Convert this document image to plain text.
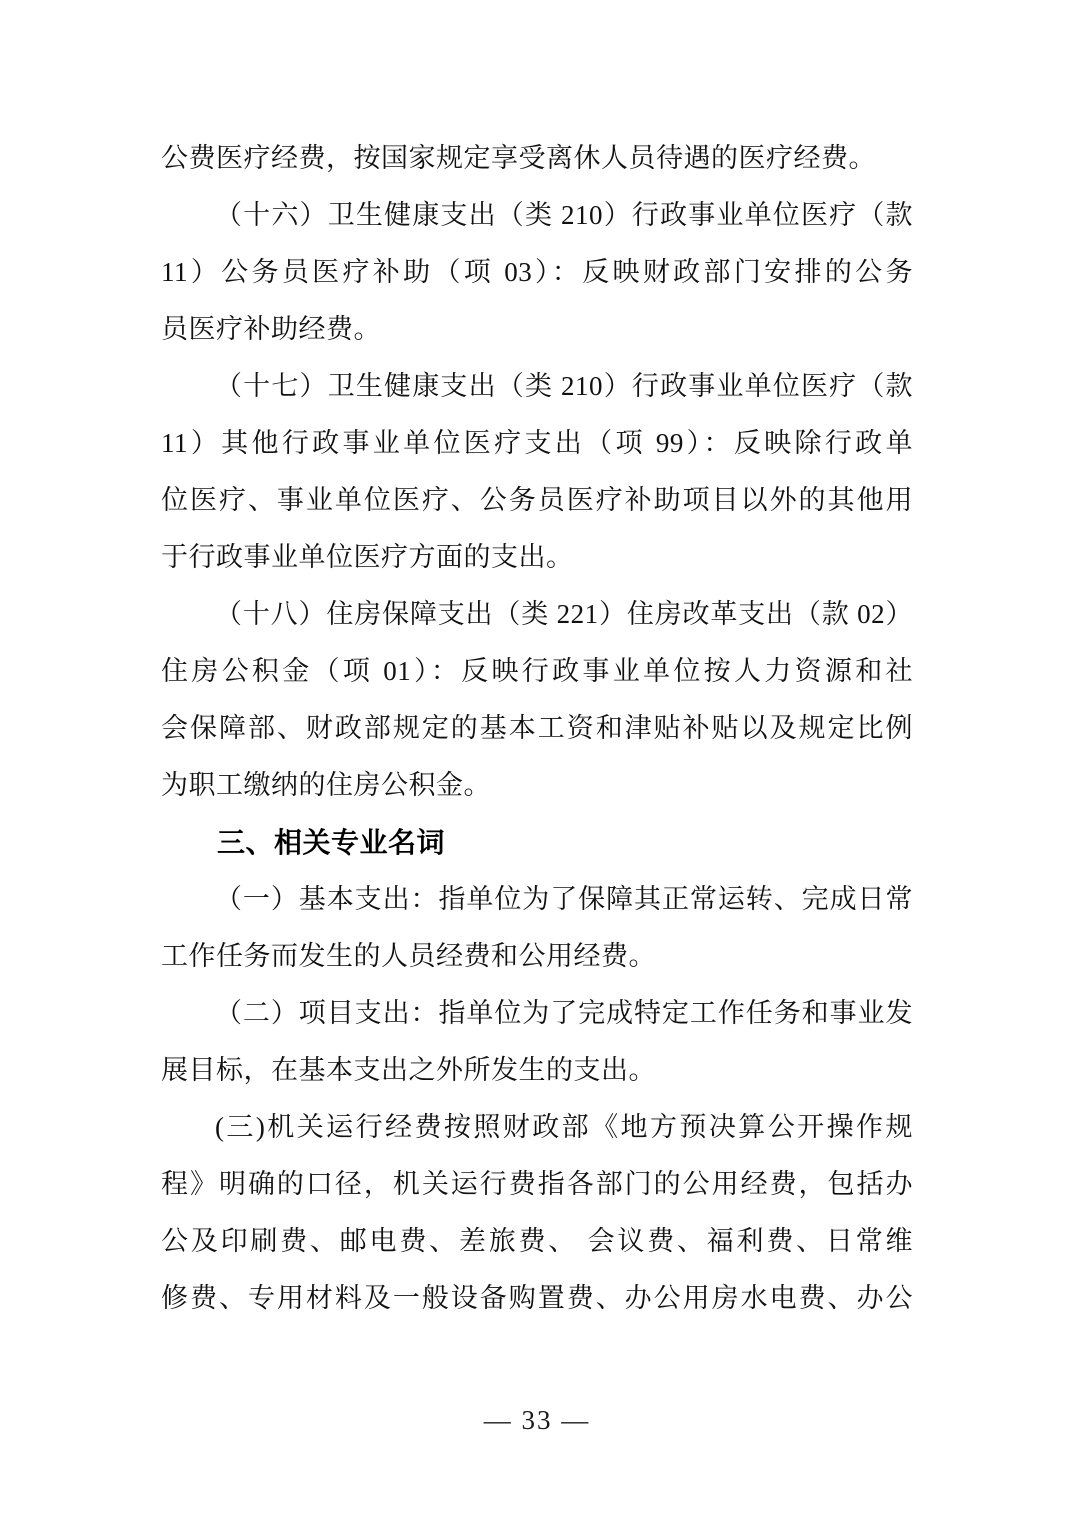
公费医疗经费，按国家规定享受离休人员待遇的医疗经费。
（十六）卫生健康支出（类 210）行政事业单位医疗（款
11）公务员医疗补助（项 03）：反映财政部门安排的公务
员医疗补助经费。
（十七）卫生健康支出（类 210）行政事业单位医疗（款
11）其他行政事业单位医疗支出（项 99）：反映除行政单
位医疗、事业单位医疗、公务员医疗补助项目以外的其他用
于行政事业单位医疗方面的支出。
（十八）住房保障支出（类 221）住房改革支出（款 02）
住房公积金（项 01）：反映行政事业单位按人力资源和社
会保障部、财政部规定的基本工资和津贴补贴以及规定比例
为职工缴纳的住房公积金。
三、相关专业名词
（一）基本支出：指单位为了保障其正常运转、完成日常
工作任务而发生的人员经费和公用经费。
（二）项目支出：指单位为了完成特定工作任务和事业发
展目标，在基本支出之外所发生的支出。
(三)机关运行经费按照财政部《地方预决算公开操作规
程》明确的口径，机关运行费指各部门的公用经费，包括办
公及印刷费、邮电费、差旅费、 会议费、福利费、日常维
修费、专用材料及一般设备购置费、办公用房水电费、办公
— 33 —
